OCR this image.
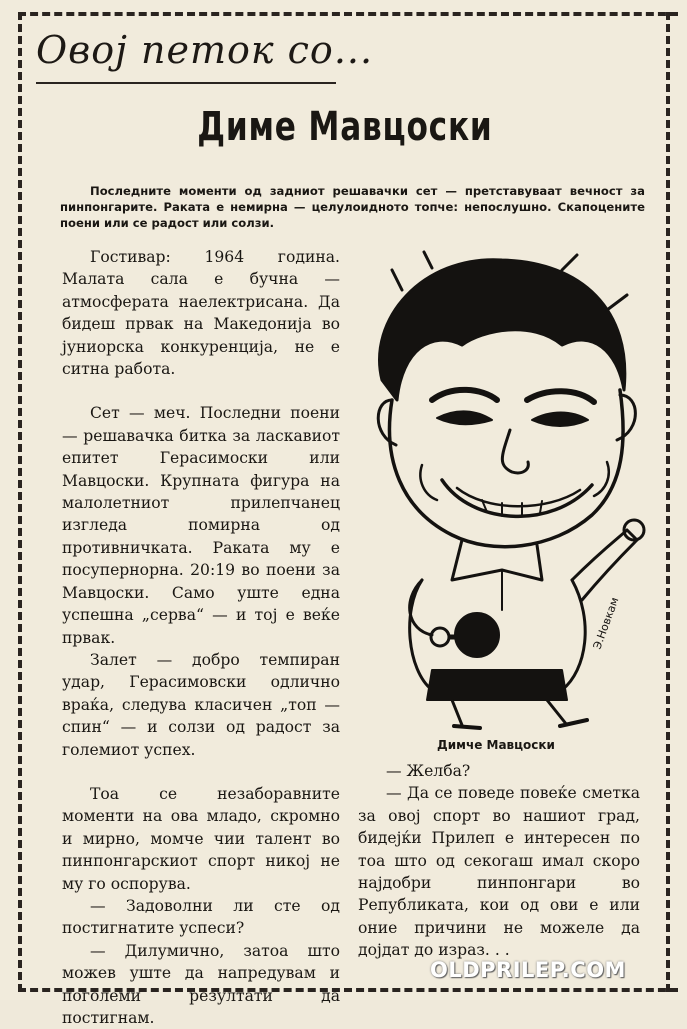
Овој петок со...
Диме Мавцоски
Последните моменти од задниот решавачки сет — претставуваат вечност за пинпонгарите. Раката е немирна — целулоидното топче: непослушно. Скапоцените поени или се радост или солзи.

Гостивар: 1964 година. Малата сала е бучна — атмосферата наелектрисана. Да бидеш првак на Македонија во јуниорска конкуренција, не е ситна работа.

Сет — меч. Последни поени — решавачка битка за ласкавиот епитет Герасимоски или Мавцоски. Крупната фигура на малолетниот прилепчанец изгледа помирна од противничката. Раката му е посупернорна. 20:19 во поени за Мавцоски. Само уште една успешна „серва“ — и тој е веќе првак.

Залет — добро темпиран удар, Герасимовски одлично враќа, следува класичен „топ — спин“ — и солзи од радост за големиот успех.

Тоа се незаборавните моменти на ова младо, скромно и мирно, момче чии талент во пинпонгарскиот спорт никој не му го оспорува.

— Задоволни ли сте од постигнатите успеси?

— Дилумично, затоа што можев уште да напредувам и поголеми резултати да постигнам.

Э.Новкам
Димче Мавцоски

— Желба?

— Да се поведе повеќе сметка за овој спорт во нашиот град, бидејќи Прилеп е интересен по тоа што од секогаш имал скоро најдобри пинпонгари во Републиката, кои од ови е или оние причини не можеле да дојдат до израз. . .

OLDPRILEP.COM
